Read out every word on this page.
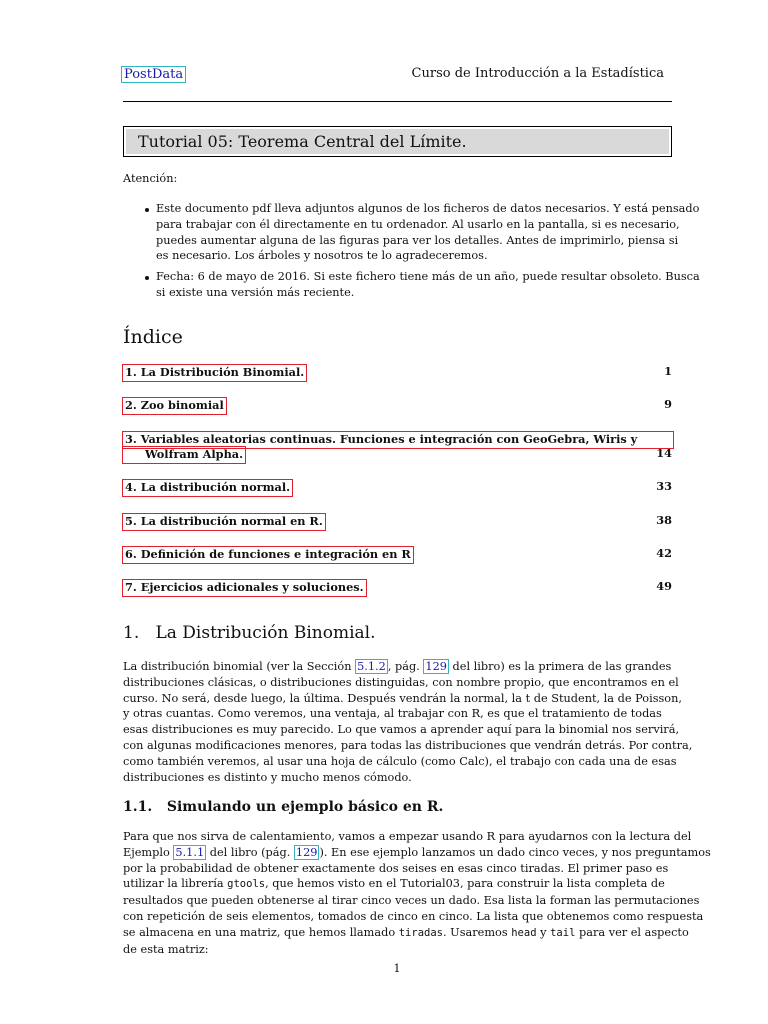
PostData	Curso de Introducción a la Estadística
Tutorial 05: Teorema Central del Límite.
Atención:
Este documento pdf lleva adjuntos algunos de los ficheros de datos necesarios. Y está pensado
para trabajar con él directamente en tu ordenador. Al usarlo en la pantalla, si es necesario,
puedes aumentar alguna de las figuras para ver los detalles. Antes de imprimirlo, piensa si
es necesario. Los árboles y nosotros te lo agradeceremos.
Fecha: 6 de mayo de 2016. Si este fichero tiene más de un año, puede resultar obsoleto. Busca
si existe una versión más reciente.
Índice
1. La Distribución Binomial.	1
2. Zoo binomial	9
3. Variables aleatorias continuas. Funciones e integración con GeoGebra, Wiris y
Wolfram Alpha.	14
4. La distribución normal.	33
5. La distribución normal en R.	38
6. Definición de funciones e integración en R	42
7. Ejercicios adicionales y soluciones.	49
1. La Distribución Binomial.
La distribución binomial (ver la Sección 5.1.2 , pág. 129 del libro) es la primera de las grandes
distribuciones clásicas, o distribuciones distinguidas, con nombre propio, que encontramos en el
curso. No será, desde luego, la última. Después vendrán la normal, la t de Student, la de Poisson,
y otras cuantas. Como veremos, una ventaja, al trabajar con R, es que el tratamiento de todas
esas distribuciones es muy parecido. Lo que vamos a aprender aquí para la binomial nos servirá,
con algunas modificaciones menores, para todas las distribuciones que vendrán detrás. Por contra,
como también veremos, al usar una hoja de cálculo (como Calc), el trabajo con cada una de esas
distribuciones es distinto y mucho menos cómodo.
1.1. Simulando un ejemplo básico en R.
Para que nos sirva de calentamiento, vamos a empezar usando R para ayudarnos con la lectura del
Ejemplo 5.1.1 del libro (pág. 129 ). En ese ejemplo lanzamos un dado cinco veces, y nos preguntamos
por la probabilidad de obtener exactamente dos seises en esas cinco tiradas. El primer paso es
utilizar la librería gtools, que hemos visto en el Tutorial03, para construir la lista completa de
resultados que pueden obtenerse al tirar cinco veces un dado. Esa lista la forman las permutaciones
con repetición de seis elementos, tomados de cinco en cinco. La lista que obtenemos como respuesta
se almacena en una matriz, que hemos llamado tiradas. Usaremos head y tail para ver el aspecto
de esta matriz:
1
